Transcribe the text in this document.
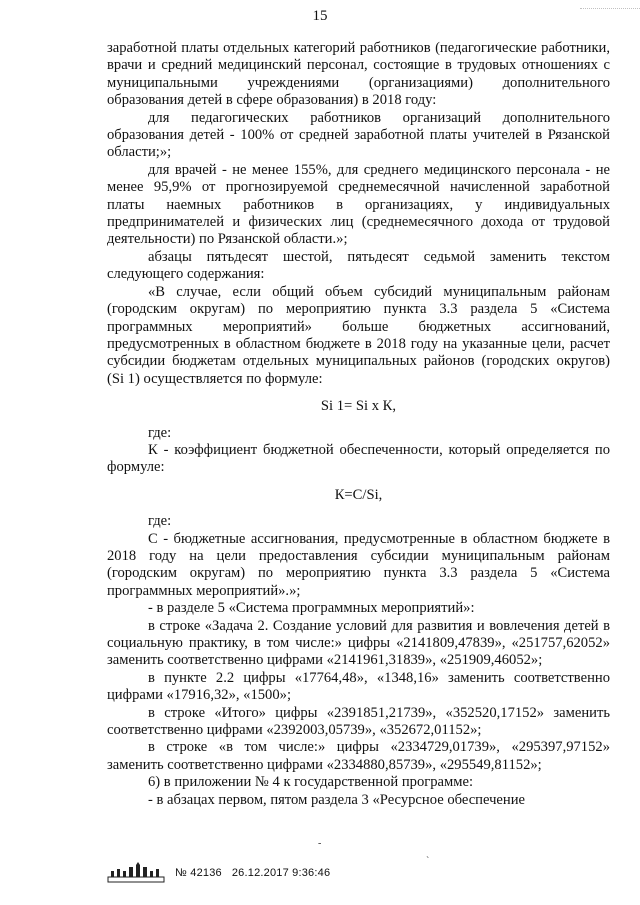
15

заработной платы отдельных категорий работников (педагогические работники, врачи и средний медицинский персонал, состоящие в трудовых отношениях с муниципальными учреждениями (организациями) дополнительного образования детей в сфере образования) в 2018 году:

для педагогических работников организаций дополнительного образования детей - 100% от средней заработной платы учителей в Рязанской области;»;

для врачей - не менее 155%, для среднего медицинского персонала - не менее 95,9% от прогнозируемой среднемесячной начисленной заработной платы наемных работников в организациях, у индивидуальных предпринимателей и физических лиц (среднемесячного дохода от трудовой деятельности) по Рязанской области.»;

абзацы пятьдесят шестой, пятьдесят седьмой заменить текстом следующего содержания:

«В случае, если общий объем субсидий муниципальным районам (городским округам) по мероприятию пункта 3.3 раздела 5 «Система программных мероприятий» больше бюджетных ассигнований, предусмотренных в областном бюджете в 2018 году на указанные цели, расчет субсидии бюджетам отдельных муниципальных районов (городских округов) (Si 1) осуществляется по формуле:

Si 1= Si х К,

где:

К - коэффициент бюджетной обеспеченности, который определяется по формуле:

К=С/Si,

где:

С - бюджетные ассигнования, предусмотренные в областном бюджете в 2018 году на цели предоставления субсидии муниципальным районам (городским округам) по мероприятию пункта 3.3 раздела 5 «Система программных мероприятий».»;

- в разделе 5 «Система программных мероприятий»:

в строке «Задача 2. Создание условий для развития и вовлечения детей в социальную практику, в том числе:» цифры «2141809,47839», «251757,62052» заменить соответственно цифрами «2141961,31839», «251909,46052»;

в пункте 2.2 цифры «17764,48», «1348,16» заменить соответственно цифрами «17916,32», «1500»;

в строке «Итого» цифры «2391851,21739», «352520,17152» заменить соответственно цифрами «2392003,05739», «352672,01152»;

в строке «в том числе:» цифры «2334729,01739», «295397,97152» заменить соответственно цифрами «2334880,85739», «295549,81152»;

6) в приложении № 4 к государственной программе:

- в абзацах первом, пятом раздела 3 «Ресурсное обеспечение

-
`
№ 42136 26.12.2017 9:36:46
